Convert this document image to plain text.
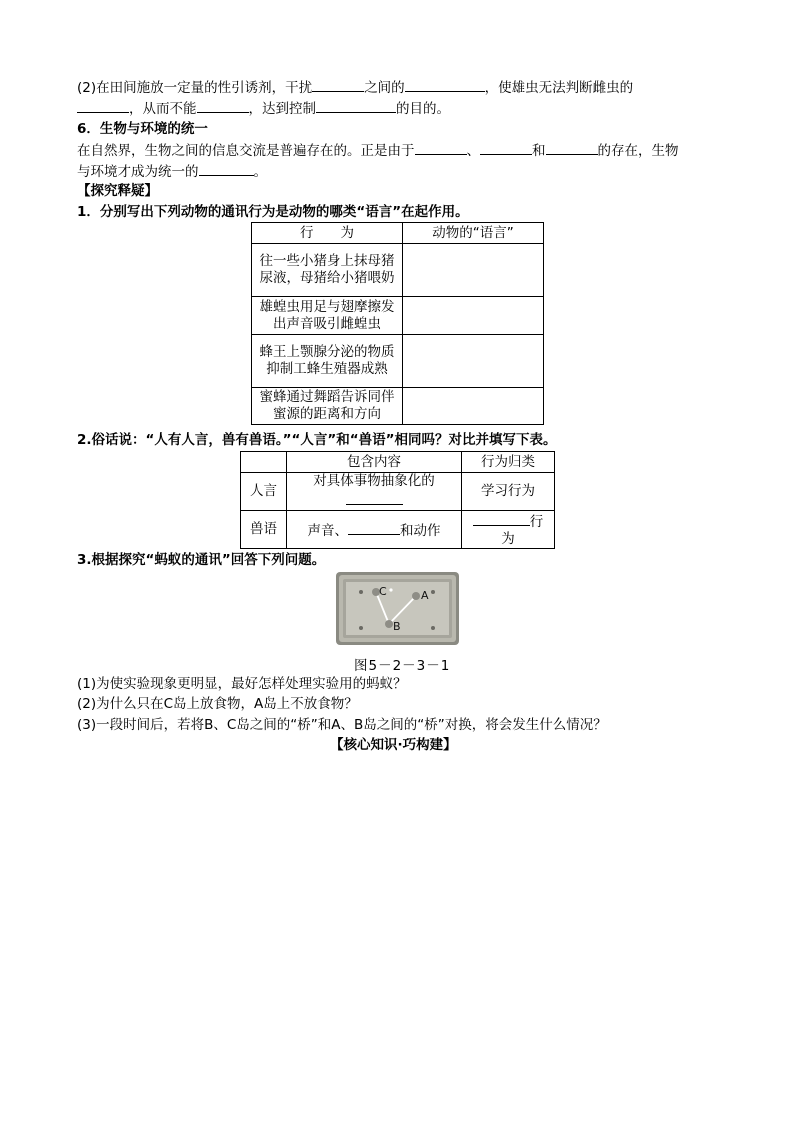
(2)在田间施放一定量的性引诱剂，干扰	之间的	，使雄虫无法判断雌虫的
，从而不能	，达到控制	的目的。
6．生物与环境的统一
在自然界，生物之间的信息交流是普遍存在的。正是由于	、	和	的存在，生物
与环境才成为统一的	。
【探究释疑】
1．分别写出下列动物的通讯行为是动物的哪类“语言”在起作用。
行　　为	动物的“语言”
往一些小猪身上抹母猪尿液，母猪给小猪喂奶	
雄蝗虫用足与翅摩擦发出声音吸引雌蝗虫	
蜂王上颚腺分泌的物质抑制工蜂生殖器成熟	
蜜蜂通过舞蹈告诉同伴蜜源的距离和方向	
2.俗话说：“人有人言，兽有兽语。”“人言”和“兽语”相同吗？对比并填写下表。
	包含内容	行为归类
人言	对具体事物抽象化的	学习行为
兽语	声音、 和动作	行
为
3.根据探究“蚂蚁的通讯”回答下列问题。
C	A
B
图5－2－3－1
(1)为使实验现象更明显，最好怎样处理实验用的蚂蚁？
(2)为什么只在C岛上放食物，A岛上不放食物？
(3)一段时间后，若将B、C岛之间的“桥”和A、B岛之间的“桥”对换，将会发生什么情况？
【核心知识·巧构建】
